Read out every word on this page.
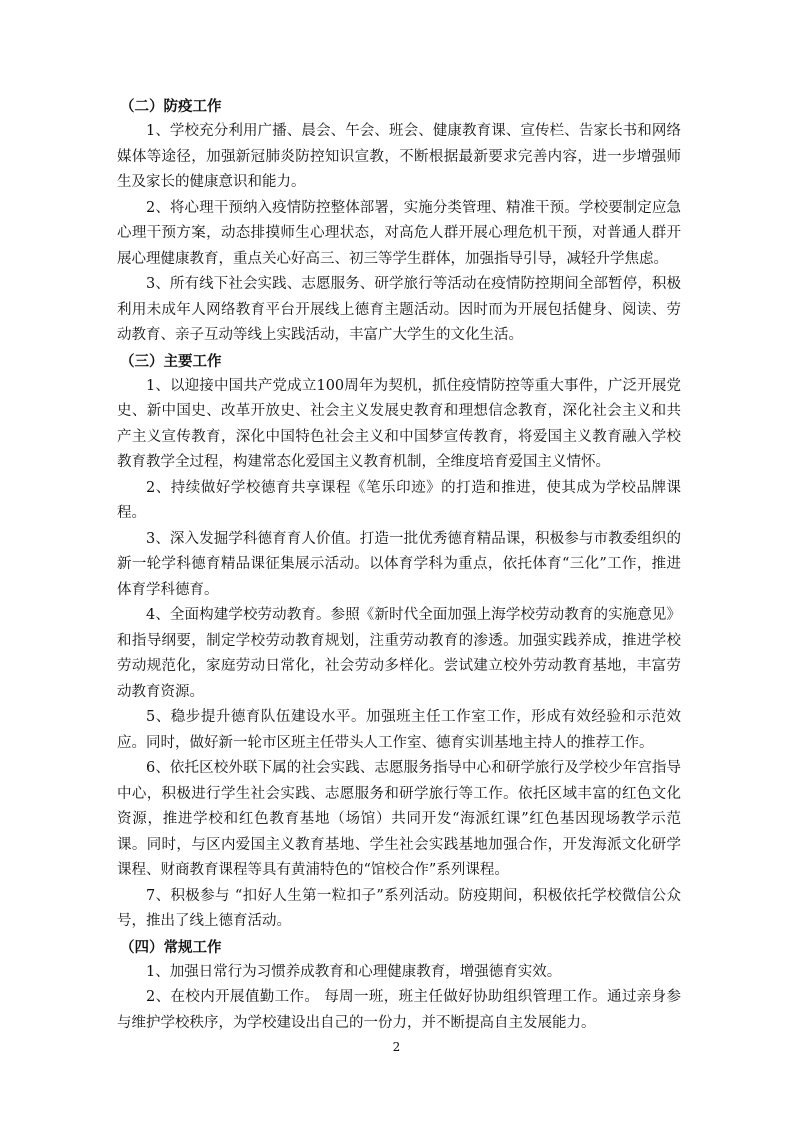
（二）防疫工作

1、学校充分利用广播、晨会、午会、班会、健康教育课、宣传栏、告家长书和网络媒体等途径，加强新冠肺炎防控知识宣教，不断根据最新要求完善内容，进一步增强师生及家长的健康意识和能力。

2、将心理干预纳入疫情防控整体部署，实施分类管理、精准干预。学校要制定应急心理干预方案，动态排摸师生心理状态，对高危人群开展心理危机干预，对普通人群开展心理健康教育，重点关心好高三、初三等学生群体，加强指导引导，减轻升学焦虑。

3、所有线下社会实践、志愿服务、研学旅行等活动在疫情防控期间全部暂停，积极利用未成年人网络教育平台开展线上德育主题活动。因时而为开展包括健身、阅读、劳动教育、亲子互动等线上实践活动，丰富广大学生的文化生活。

（三）主要工作

1、以迎接中国共产党成立100周年为契机，抓住疫情防控等重大事件，广泛开展党史、新中国史、改革开放史、社会主义发展史教育和理想信念教育，深化社会主义和共产主义宣传教育，深化中国特色社会主义和中国梦宣传教育，将爱国主义教育融入学校教育教学全过程，构建常态化爱国主义教育机制，全维度培育爱国主义情怀。

2、持续做好学校德育共享课程《笔乐印迹》的打造和推进，使其成为学校品牌课程。

3、深入发掘学科德育育人价值。打造一批优秀德育精品课，积极参与市教委组织的新一轮学科德育精品课征集展示活动。以体育学科为重点，依托体育“三化”工作，推进体育学科德育。

4、全面构建学校劳动教育。参照《新时代全面加强上海学校劳动教育的实施意见》和指导纲要，制定学校劳动教育规划，注重劳动教育的渗透。加强实践养成，推进学校劳动规范化，家庭劳动日常化，社会劳动多样化。尝试建立校外劳动教育基地，丰富劳动教育资源。

5、稳步提升德育队伍建设水平。加强班主任工作室工作，形成有效经验和示范效应。同时，做好新一轮市区班主任带头人工作室、德育实训基地主持人的推荐工作。

6、依托区校外联下属的社会实践、志愿服务指导中心和研学旅行及学校少年宫指导中心，积极进行学生社会实践、志愿服务和研学旅行等工作。依托区域丰富的红色文化资源，推进学校和红色教育基地（场馆）共同开发“海派红课”红色基因现场教学示范课。同时，与区内爱国主义教育基地、学生社会实践基地加强合作，开发海派文化研学课程、财商教育课程等具有黄浦特色的“馆校合作”系列课程。

7、积极参与 “扣好人生第一粒扣子”系列活动。防疫期间，积极依托学校微信公众号，推出了线上德育活动。

（四）常规工作

1、加强日常行为习惯养成教育和心理健康教育，增强德育实效。

2、在校内开展值勤工作。 每周一班，班主任做好协助组织管理工作。通过亲身参与维护学校秩序，为学校建设出自己的一份力，并不断提高自主发展能力。

2
